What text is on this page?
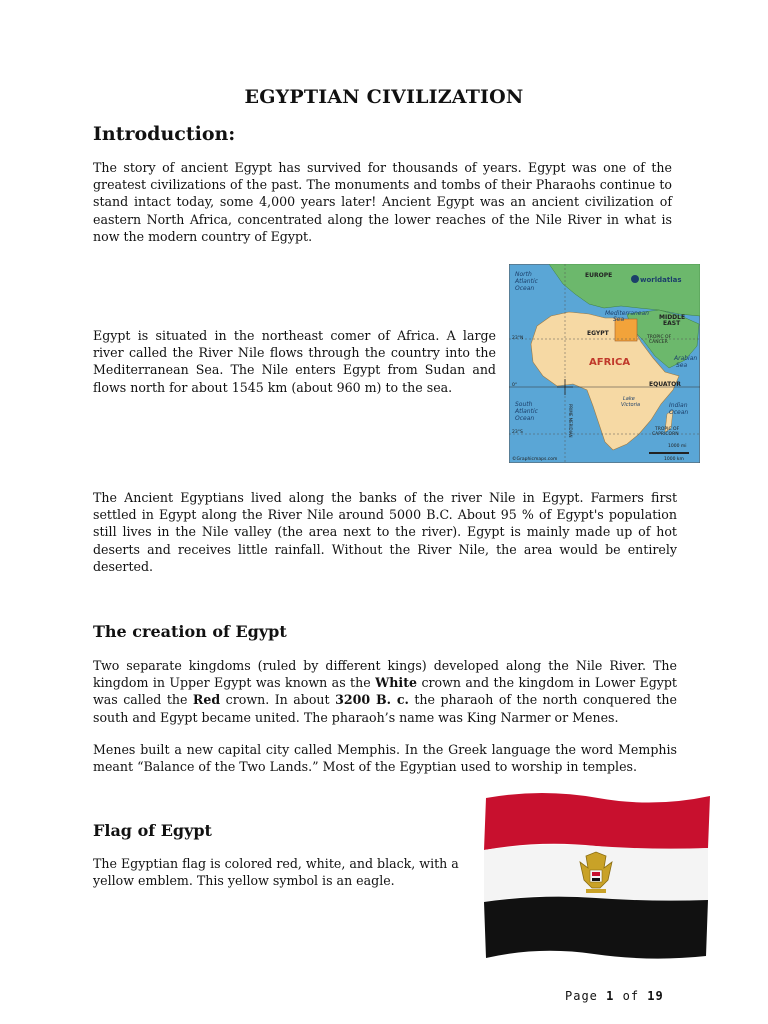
EGYPTIAN CIVILIZATION
Introduction:

The story of ancient Egypt has survived for thousands of years. Egypt was one of the greatest civilizations of the past. The monuments and tombs of their Pharaohs continue to stand intact today, some 4,000 years later! Ancient Egypt was an ancient civilization of eastern North Africa, concentrated along the lower reaches of the Nile River in what is now the modern country of Egypt.

Egypt is situated in the northeast comer of Africa. A large river called the River Nile flows through the country into the Mediterranean Sea. The Nile enters Egypt from Sudan and flows north for about 1545 km (about 960 m) to the sea.

North
Atlantic
Ocean
Mediterranean
Sea
Arabian
Sea
South
Atlantic
Ocean
Indian
Ocean
Lake
Victoria
EUROPE
MIDDLE
EAST
EGYPT
AFRICA
EQUATOR
worldatlas
23°N
0°
23°S
TROPIC OF
CANCER
TROPIC OF
CAPRICORN
1000 mi
1000 km
©Graphicmaps.com
PRIME MERIDIAN

The Ancient Egyptians lived along the banks of the river Nile in Egypt. Farmers first settled in Egypt along the River Nile around 5000 B.C. About 95 % of Egypt's population still lives in the Nile valley (the area next to the river). Egypt is mainly made up of hot deserts and receives little rainfall. Without the River Nile, the area would be entirely deserted.

The creation of Egypt

Two separate kingdoms (ruled by different kings) developed along the Nile River. The kingdom in Upper Egypt was known as the White crown and the kingdom in Lower Egypt was called the Red crown. In about 3200 B. c. the pharaoh of the north conquered the south and Egypt became united. The pharaoh’s name was King Narmer or Menes.

Menes built a new capital city called Memphis. In the Greek language the word Memphis meant “Balance of the Two Lands.” Most of the Egyptian used to worship in temples.

Flag of Egypt

The Egyptian flag is colored red, white, and black, with a yellow emblem. This yellow symbol is an eagle.

Page 1 of 19
